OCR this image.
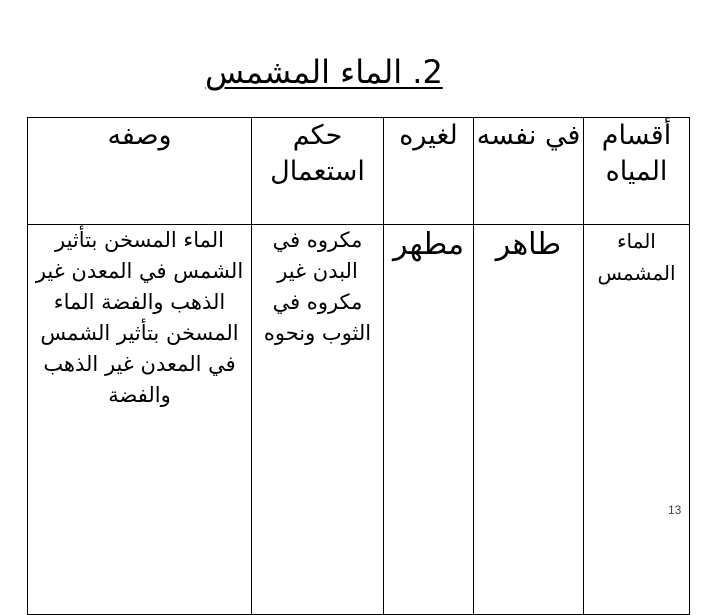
2. الماء المشمس
وصفه	حكم استعمال	لغيره	في نفسه	أقسام المياه
الماء المسخن بتأثير الشمس في المعدن غير الذهب والفضة الماء المسخن بتأثير الشمس في المعدن غير الذهب والفضة	مكروه في البدن غير مكروه في الثوب ونحوه	مطهر	طاهر	الماء المشمس
13
